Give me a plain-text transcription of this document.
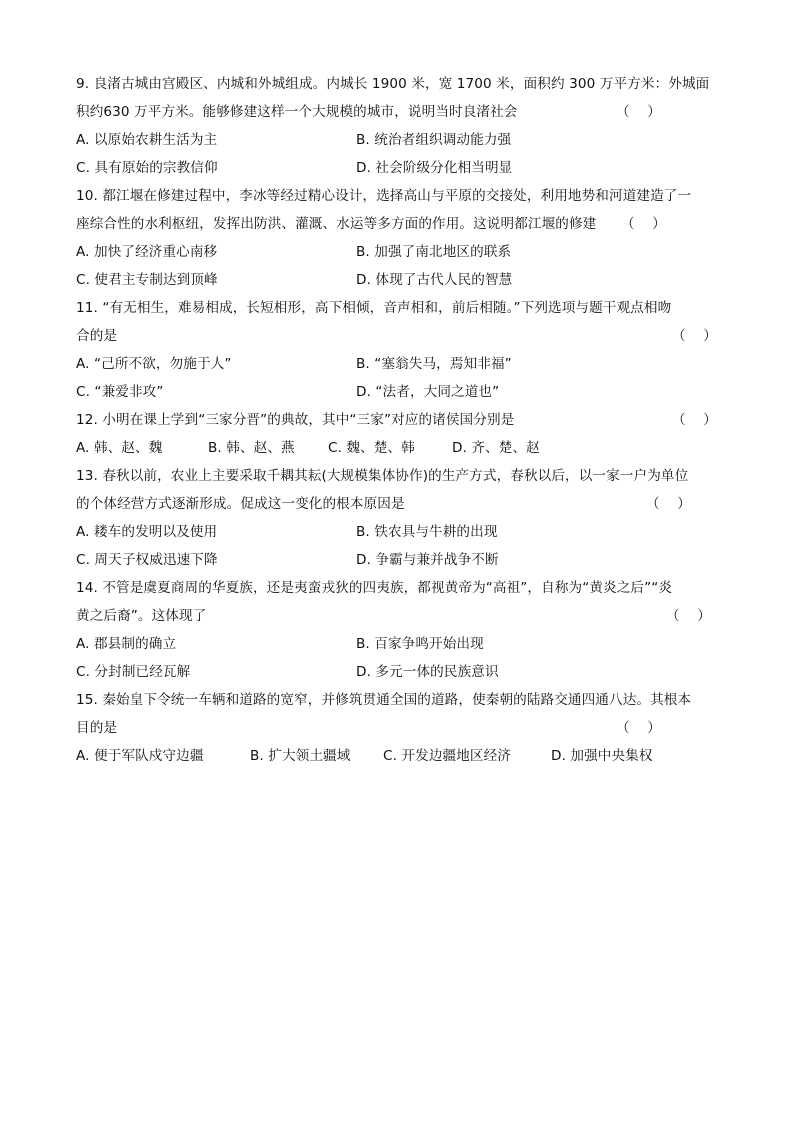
9. 良渚古城由宫殿区、内城和外城组成。内城长 1900 米，宽 1700 米，面积约 300 万平方米：外城面
积约630 万平方米。能够修建这样一个大规模的城市，说明当时良渚社会	（    ）
A. 以原始农耕生活为主	B. 统治者组织调动能力强
C. 具有原始的宗教信仰	D. 社会阶级分化相当明显
10. 都江堰在修建过程中，李冰等经过精心设计，选择高山与平原的交接处，利用地势和河道建造了一
座综合性的水利枢纽，发挥出防洪、灌溉、水运等多方面的作用。这说明都江堰的修建 （    ）
A. 加快了经济重心南移	B. 加强了南北地区的联系
C. 使君主专制达到顶峰	D. 体现了古代人民的智慧
11. “有无相生，难易相成，长短相形，高下相倾，音声相和，前后相随。”下列选项与题干观点相吻
合的是	（    ）
A. “己所不欲，勿施于人”	B. “塞翁失马，焉知非福”
C. “兼爱非攻”	D. “法者，大同之道也”
12. 小明在课上学到“三家分晋”的典故，其中“三家”对应的诸侯国分别是	（    ）
A. 韩、赵、魏	B. 韩、赵、燕	C. 魏、楚、韩	D. 齐、楚、赵
13. 春秋以前，农业上主要采取千耦其耘(大规模集体协作)的生产方式，春秋以后，以一家一户为单位
的个体经营方式逐渐形成。促成这一变化的根本原因是	（    ）
A. 耧车的发明以及使用	B. 铁农具与牛耕的出现
C. 周天子权威迅速下降	D. 争霸与兼并战争不断
14. 不管是虞夏商周的华夏族，还是夷蛮戎狄的四夷族，都视黄帝为“高祖”，自称为“黄炎之后”“炎
黄之后裔”。这体现了	（    ）
A. 郡县制的确立	B. 百家争鸣开始出现
C. 分封制已经瓦解	D. 多元一体的民族意识
15. 秦始皇下令统一车辆和道路的宽窄，并修筑贯通全国的道路，使秦朝的陆路交通四通八达。其根本
目的是	（    ）
A. 便于军队戍守边疆	B. 扩大领土疆域	C. 开发边疆地区经济	D. 加强中央集权
